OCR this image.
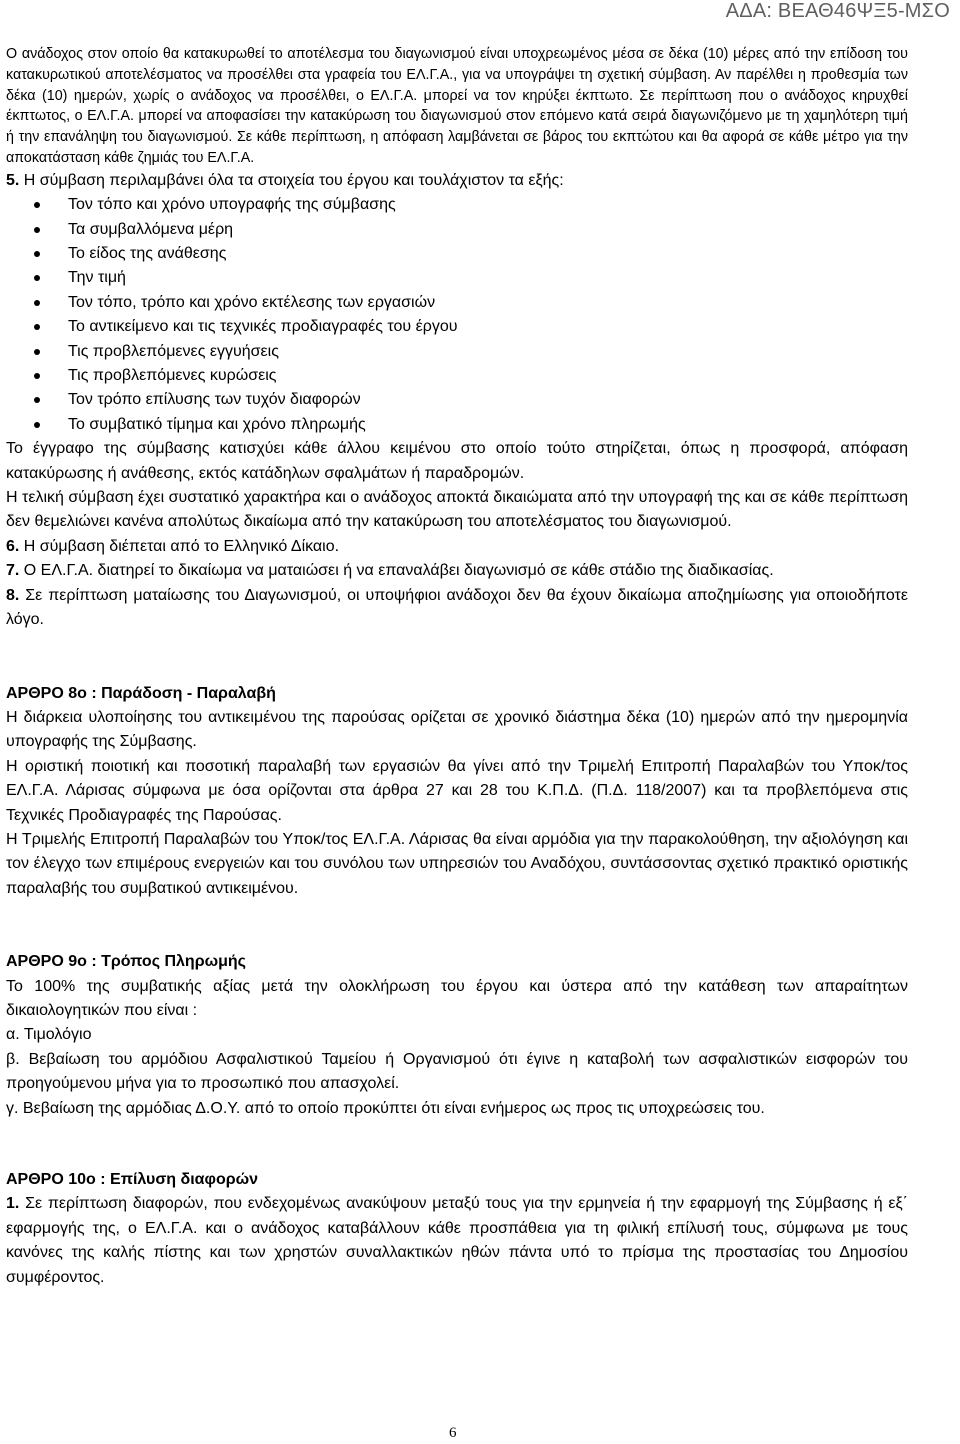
ΑΔΑ: ΒΕΑΘ46ΨΞ5-ΜΣΟ

Ο ανάδοχος στον οποίο θα κατακυρωθεί το αποτέλεσμα του διαγωνισμού είναι υποχρεωμένος μέσα σε δέκα (10) μέρες από την επίδοση του κατακυρωτικού αποτελέσματος να προσέλθει στα γραφεία του ΕΛ.Γ.Α., για να υπογράψει τη σχετική σύμβαση. Αν παρέλθει η προθεσμία των δέκα (10) ημερών, χωρίς ο ανάδοχος να προσέλθει, ο ΕΛ.Γ.Α. μπορεί να τον κηρύξει έκπτωτο. Σε περίπτωση που ο ανάδοχος κηρυχθεί έκπτωτος, ο ΕΛ.Γ.Α. μπορεί να αποφασίσει την κατακύρωση του διαγωνισμού στον επόμενο κατά σειρά διαγωνιζόμενο με τη χαμηλότερη τιμή ή την επανάληψη του διαγωνισμού. Σε κάθε περίπτωση, η απόφαση λαμβάνεται σε βάρος του εκπτώτου και θα αφορά σε κάθε μέτρο για την αποκατάσταση κάθε ζημιάς του ΕΛ.Γ.Α.

5. Η σύμβαση περιλαμβάνει όλα τα στοιχεία του έργου και τουλάχιστον τα εξής:

Τον τόπο και χρόνο υπογραφής της σύμβασης
Τα συμβαλλόμενα μέρη
Το είδος της ανάθεσης
Την τιμή
Τον τόπο, τρόπο και χρόνο εκτέλεσης των εργασιών
Το αντικείμενο και τις τεχνικές προδιαγραφές του έργου
Τις προβλεπόμενες εγγυήσεις
Τις προβλεπόμενες κυρώσεις
Τον τρόπο επίλυσης των τυχόν διαφορών
Το συμβατικό τίμημα και χρόνο πληρωμής

Το έγγραφο της σύμβασης κατισχύει κάθε άλλου κειμένου στο οποίο τούτο στηρίζεται, όπως η προσφορά, απόφαση κατακύρωσης ή ανάθεσης, εκτός κατάδηλων σφαλμάτων ή παραδρομών.

Η τελική σύμβαση έχει συστατικό χαρακτήρα και ο ανάδοχος αποκτά δικαιώματα από την υπογραφή της και σε κάθε περίπτωση δεν θεμελιώνει κανένα απολύτως δικαίωμα από την κατακύρωση του αποτελέσματος του διαγωνισμού.

6. Η σύμβαση διέπεται από το Ελληνικό Δίκαιο.

7. Ο ΕΛ.Γ.Α. διατηρεί το δικαίωμα να ματαιώσει ή να επαναλάβει διαγωνισμό σε κάθε στάδιο της διαδικασίας.

8. Σε περίπτωση ματαίωσης του Διαγωνισμού, οι υποψήφιοι ανάδοχοι δεν θα έχουν δικαίωμα αποζημίωσης για οποιοδήποτε λόγο.

ΑΡΘΡΟ 8ο : Παράδοση - Παραλαβή

Η διάρκεια υλοποίησης του αντικειμένου της παρούσας ορίζεται σε χρονικό διάστημα δέκα (10) ημερών από την ημερομηνία υπογραφής της Σύμβασης.

Η οριστική ποιοτική και ποσοτική παραλαβή των εργασιών θα γίνει από την Τριμελή Επιτροπή Παραλαβών του Υποκ/τος ΕΛ.Γ.Α. Λάρισας σύμφωνα με όσα ορίζονται στα άρθρα 27 και 28 του Κ.Π.Δ. (Π.Δ. 118/2007) και τα προβλεπόμενα στις Τεχνικές Προδιαγραφές της Παρούσας.

Η Τριμελής Επιτροπή Παραλαβών του Υποκ/τος ΕΛ.Γ.Α. Λάρισας θα είναι αρμόδια για την παρακολούθηση, την αξιολόγηση και τον έλεγχο των επιμέρους ενεργειών και του συνόλου των υπηρεσιών του Αναδόχου, συντάσσοντας σχετικό πρακτικό οριστικής παραλαβής του συμβατικού αντικειμένου.

ΑΡΘΡΟ 9ο : Τρόπος Πληρωμής

Το 100% της συμβατικής αξίας μετά την ολοκλήρωση του έργου και ύστερα από την κατάθεση των απαραίτητων δικαιολογητικών που είναι :

α. Τιμολόγιο

β. Βεβαίωση του αρμόδιου Ασφαλιστικού Ταμείου ή Οργανισμού ότι έγινε η καταβολή των ασφαλιστικών εισφορών του προηγούμενου μήνα για το προσωπικό που απασχολεί.

γ. Βεβαίωση της αρμόδιας Δ.Ο.Υ. από το οποίο προκύπτει ότι είναι ενήμερος ως προς τις υποχρεώσεις του.

ΑΡΘΡΟ 10ο : Επίλυση διαφορών

1. Σε περίπτωση διαφορών, που ενδεχομένως ανακύψουν μεταξύ τους για την ερμηνεία ή την εφαρμογή της Σύμβασης ή εξ΄ εφαρμογής της, ο ΕΛ.Γ.Α. και ο ανάδοχος καταβάλλουν κάθε προσπάθεια για τη φιλική επίλυσή τους, σύμφωνα με τους κανόνες της καλής πίστης και των χρηστών συναλλακτικών ηθών πάντα υπό το πρίσμα της προστασίας του Δημοσίου συμφέροντος.

6
